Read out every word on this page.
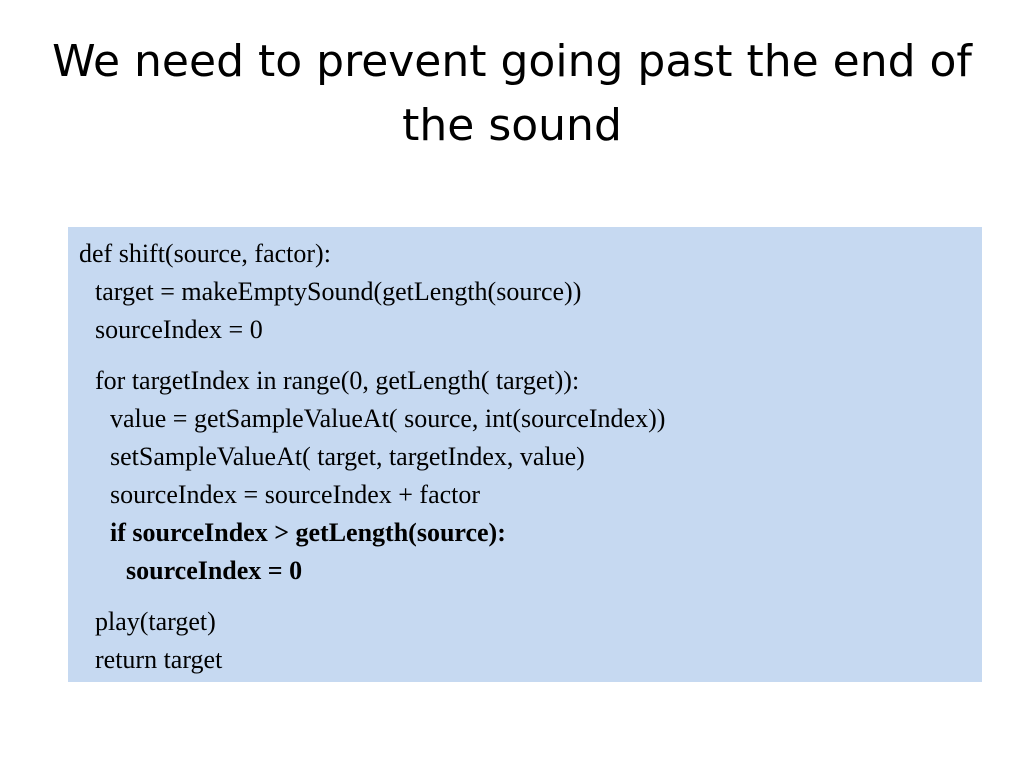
We need to prevent going past the end of the sound
def shift(source, factor):
target = makeEmptySound(getLength(source))
sourceIndex = 0
for targetIndex in range(0, getLength( target)):
value = getSampleValueAt( source, int(sourceIndex))
setSampleValueAt( target, targetIndex, value)
sourceIndex = sourceIndex + factor
if sourceIndex > getLength(source):
sourceIndex = 0
play(target)
return target
